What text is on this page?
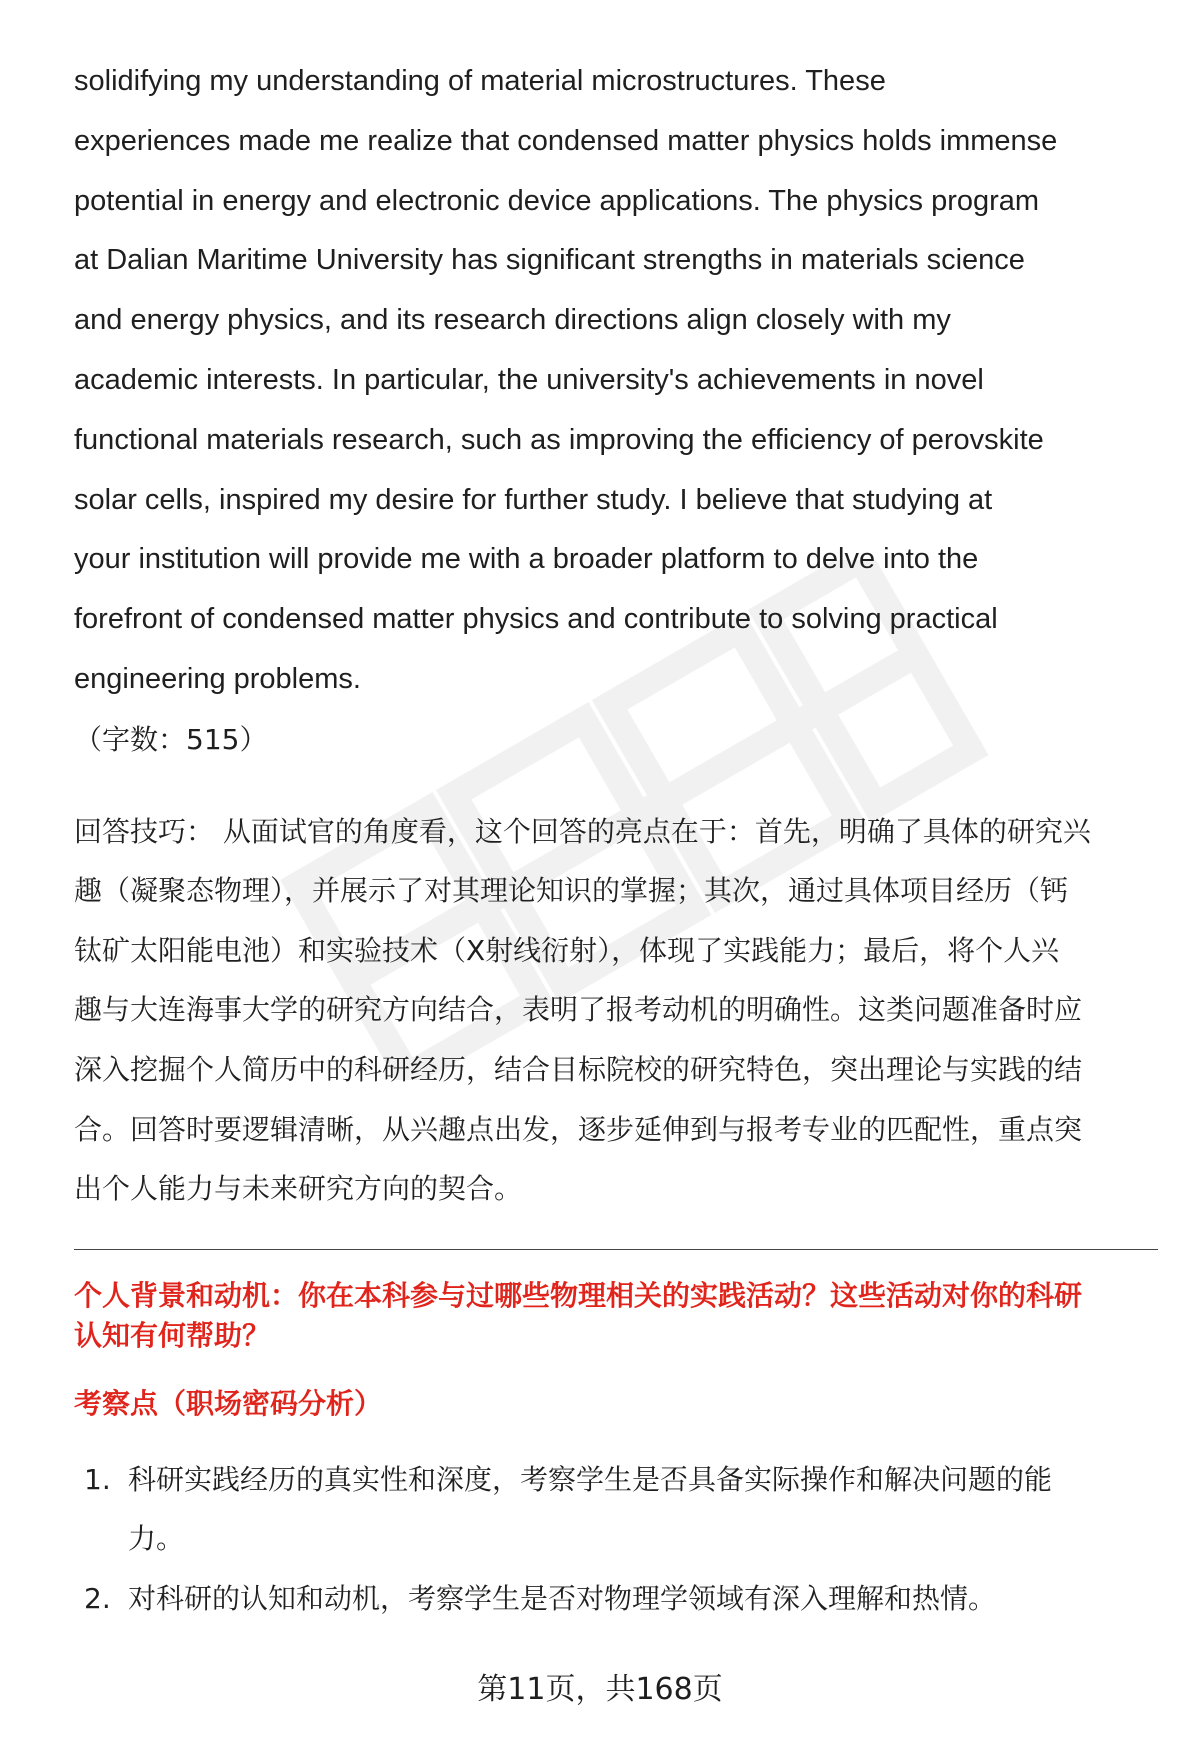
solidifying my understanding of material microstructures. These
experiences made me realize that condensed matter physics holds immense
potential in energy and electronic device applications. The physics program
at Dalian Maritime University has significant strengths in materials science
and energy physics, and its research directions align closely with my
academic interests. In particular, the university's achievements in novel
functional materials research, such as improving the efficiency of perovskite
solar cells, inspired my desire for further study. I believe that studying at
your institution will provide me with a broader platform to delve into the
forefront of condensed matter physics and contribute to solving practical
engineering problems.

（字数：515）

回答技巧： 从面试官的角度看，这个回答的亮点在于：首先，明确了具体的研究兴
趣（凝聚态物理），并展示了对其理论知识的掌握；其次，通过具体项目经历（钙
钛矿太阳能电池）和实验技术（X射线衍射），体现了实践能力；最后，将个人兴
趣与大连海事大学的研究方向结合，表明了报考动机的明确性。这类问题准备时应
深入挖掘个人简历中的科研经历，结合目标院校的研究特色，突出理论与实践的结
合。回答时要逻辑清晰，从兴趣点出发，逐步延伸到与报考专业的匹配性，重点突
出个人能力与未来研究方向的契合。
个人背景和动机：你在本科参与过哪些物理相关的实践活动？这些活动对你的科研
认知有何帮助？
考察点（职场密码分析）
1. 科研实践经历的真实性和深度，考察学生是否具备实际操作和解决问题的能
力。
2. 对科研的认知和动机，考察学生是否对物理学领域有深入理解和热情。
第11页，共168页
